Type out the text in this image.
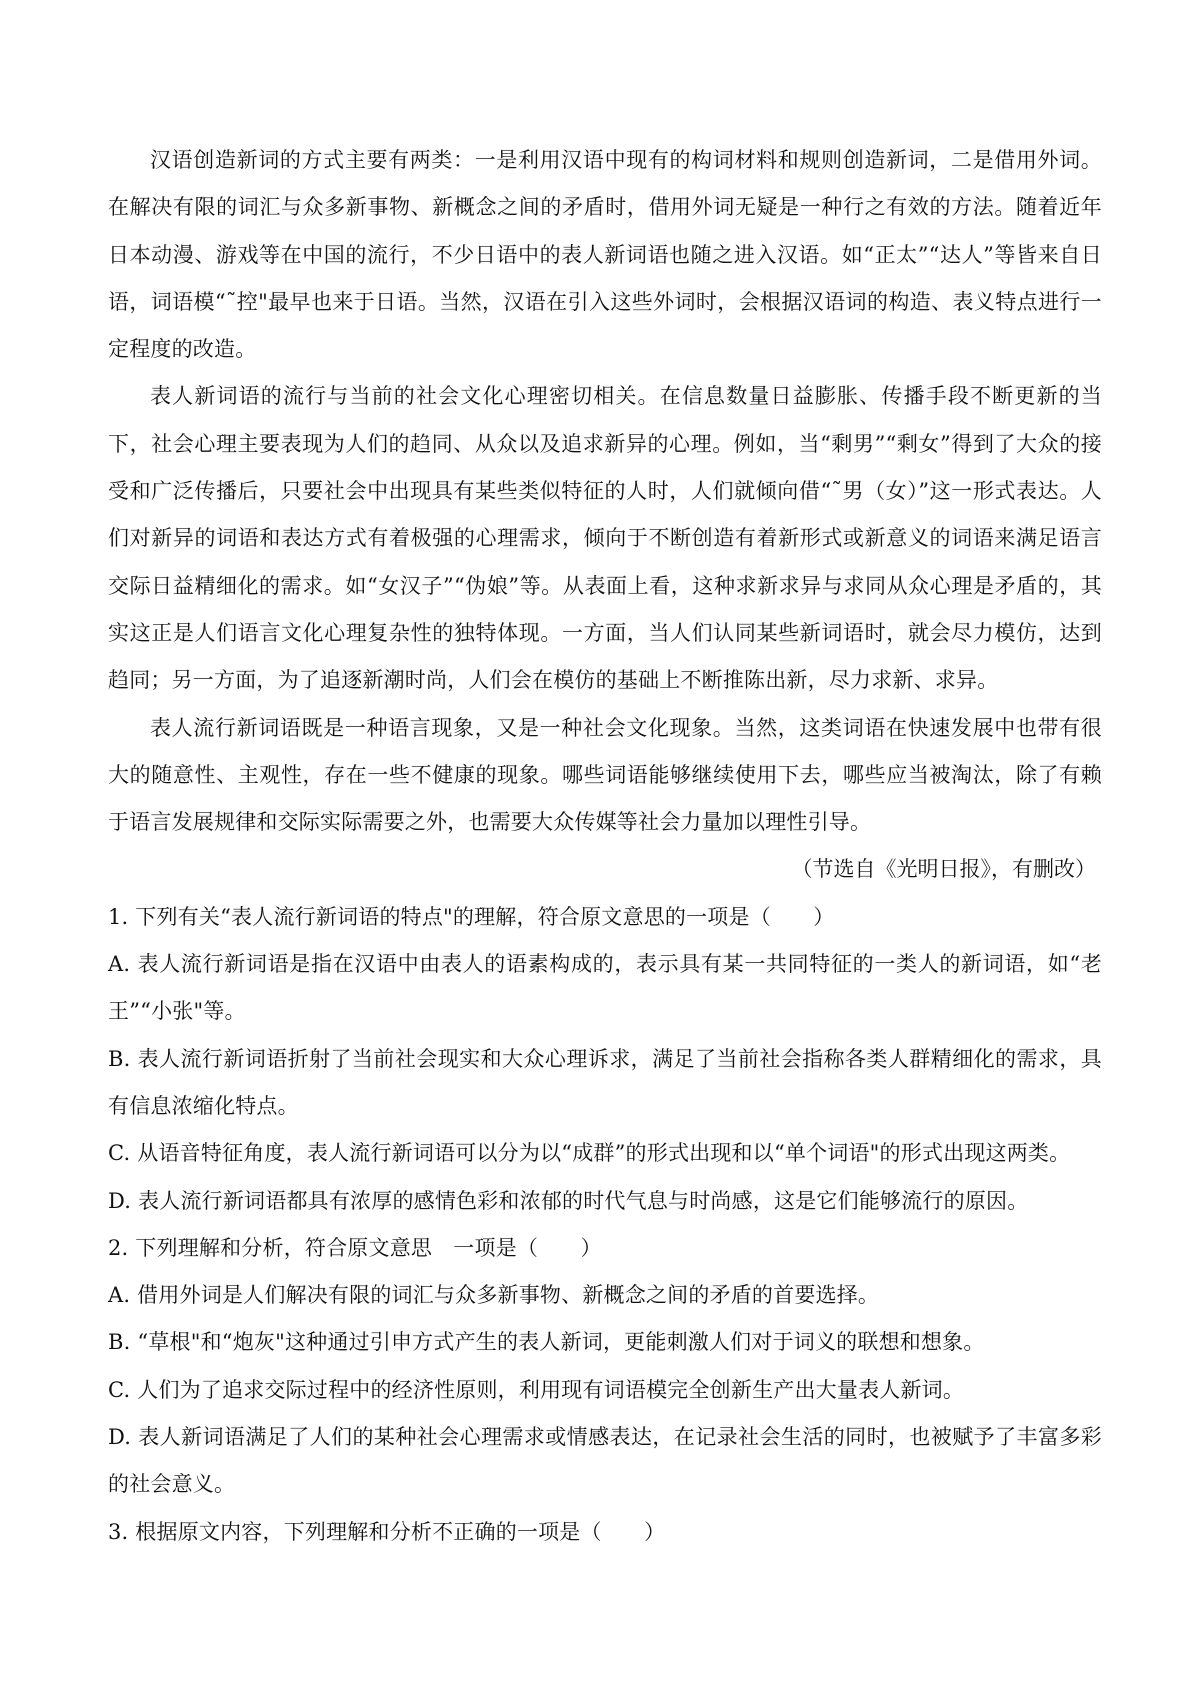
汉语创造新词的方式主要有两类：一是利用汉语中现有的构词材料和规则创造新词，二是借用外词。在解决有限的词汇与众多新事物、新概念之间的矛盾时，借用外词无疑是一种行之有效的方法。随着近年日本动漫、游戏等在中国的流行，不少日语中的表人新词语也随之进入汉语。如“正太”“达人”等皆来自日语，词语模“˜控"最早也来于日语。当然，汉语在引入这些外词时，会根据汉语词的构造、表义特点进行一定程度的改造。

表人新词语的流行与当前的社会文化心理密切相关。在信息数量日益膨胀、传播手段不断更新的当下，社会心理主要表现为人们的趋同、从众以及追求新异的心理。例如，当“剩男”“剩女”得到了大众的接受和广泛传播后，只要社会中出现具有某些类似特征的人时，人们就倾向借“˜男（女）”这一形式表达。人们对新异的词语和表达方式有着极强的心理需求，倾向于不断创造有着新形式或新意义的词语来满足语言交际日益精细化的需求。如“女汉子”“伪娘”等。从表面上看，这种求新求异与求同从众心理是矛盾的，其实这正是人们语言文化心理复杂性的独特体现。一方面，当人们认同某些新词语时，就会尽力模仿，达到趋同；另一方面，为了追逐新潮时尚，人们会在模仿的基础上不断推陈出新，尽力求新、求异。

表人流行新词语既是一种语言现象，又是一种社会文化现象。当然，这类词语在快速发展中也带有很大的随意性、主观性，存在一些不健康的现象。哪些词语能够继续使用下去，哪些应当被淘汰，除了有赖于语言发展规律和交际实际需要之外，也需要大众传媒等社会力量加以理性引导。

（节选自《光明日报》，有删改）

1. 下列有关“表人流行新词语的特点"的理解，符合原文意思的一项是（　　）

A. 表人流行新词语是指在汉语中由表人的语素构成的，表示具有某一共同特征的一类人的新词语，如“老王”“小张"等。

B. 表人流行新词语折射了当前社会现实和大众心理诉求，满足了当前社会指称各类人群精细化的需求，具有信息浓缩化特点。

C. 从语音特征角度，表人流行新词语可以分为以“成群”的形式出现和以“单个词语"的形式出现这两类。

D. 表人流行新词语都具有浓厚的感情色彩和浓郁的时代气息与时尚感，这是它们能够流行的原因。

2. 下列理解和分析，符合原文意思　一项是（　　）

A. 借用外词是人们解决有限的词汇与众多新事物、新概念之间的矛盾的首要选择。

B. “草根"和“炮灰"这种通过引申方式产生的表人新词，更能刺激人们对于词义的联想和想象。

C. 人们为了追求交际过程中的经济性原则，利用现有词语模完全创新生产出大量表人新词。

D. 表人新词语满足了人们的某种社会心理需求或情感表达，在记录社会生活的同时，也被赋予了丰富多彩的社会意义。

3. 根据原文内容，下列理解和分析不正确的一项是（　　）
